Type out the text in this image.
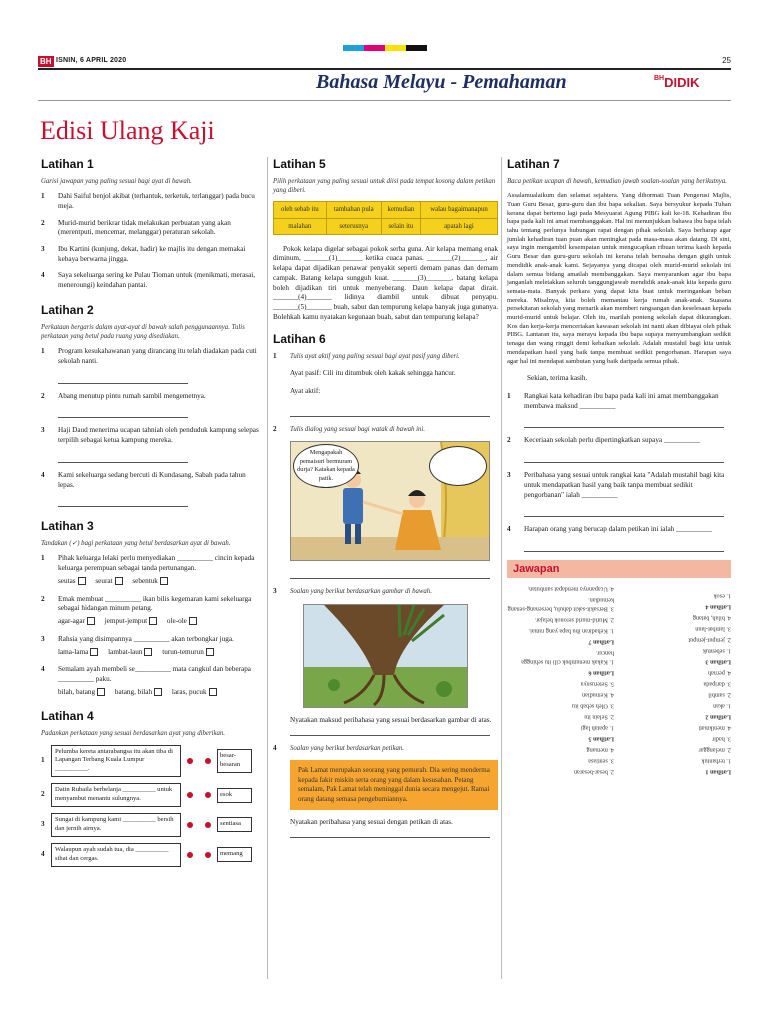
BH ISNIN, 6 APRIL 2020	25
Bahasa Melayu - Pemahaman	$^{BH}$DIDIK
Edisi Ulang Kaji
Latihan 1
Garisi jawapan yang paling sesuai bagi ayat di bawah.
1	Dahi Saiful benjol akibat (terhantuk, terketuk, terlanggar) pada bucu meja.
2	Murid-murid berikrar tidak melakukan perbuatan yang akan (merentputi, mencemar, melanggar) peraturan sekolah.
3	Ibu Kartini (kunjung, dekat, hadir) ke majlis itu dengan memakai kebaya berwarna jingga.
4	Saya sekeluarga sering ke Pulau Tioman untuk (menikmati, merasai, meneroungi) keindahan pantai.
Latihan 2
Perkataan bergaris dalam ayat-ayat di bawah salah penggunaannya. Tulis perkataan yang betul pada ruang yang disediakan.
1	Program kesukahawanan yang dirancang itu telah diadakan pada cuti sekolah nanti.
2	Abang menutup pintu rumah sambil mengemetnya.
3	Haji Daud menerima ucapan tahniah oleh penduduk kampung selepas terpilih sebagai ketua kampung mereka.
4	Kami sekeluarga sedang bercuti di Kundasang, Sabah pada tahun lepas.
Latihan 3
Tandakan (✓) bagi perkataan yang betul berdasarkan ayat di bawah.
1	Pihak keluarga lelaki perlu menyediakan __________ cincin kepada keluarga perempuan sebagai tanda pertunangan.
seutas	seurat	sebentuk
2	Emak membuat __________ ikan bilis kegemaran kami sekeluarga sebagai hidangan minum petang.
agar-agar	jemput-jemput	ole-ole
3	Rahsia yang disimpannya __________ akan terbongkar juga.
lama-lama	lambat-laun	turun-temurun
4	Semalam ayah membeli se__________ mata cangkul dan beberapa __________ paku.
bilah, batang	batang, bilah	laras, pucuk
Latihan 4
Padankan perkataan yang sesuai berdasarkan ayat yang diberikan.
1
Pelumba kereta antarabangsa itu akan tiba di Lapangan Terbang Kuala Lumpur __________.
besar-besaran
2
Datin Rubaila berbelanja __________ untuk menyambut menantu sulungnya.
esok
3
Sungai di kampung kami __________ bersih dan jernih airnya.
sentiasa
4
Walaupun ayah sudah tua, dia __________ sihat dan cergas.
memang
Latihan 5
Pilih perkataan yang paling sesuai untuk diisi pada tempat kosong dalam petikan yang diberi.
oleh sebab itu	tambahan pula	kemudian	walau bagaimanapun
malahan	seterusnya	selain itu	apatah lagi
Pokok kelapa digelar sebagai pokok serba guna. Air kelapa memang enak diminum, _______(1)_______ ketika cuaca panas. _______(2)_______, air kelapa dapat dijadikan penawar penyakit seperti demam panas dan demam campak. Batang kelapa sungguh kuat. _______(3)_______, batang kelapa boleh dijadikan tiri untuk menyeberang. Daun kelapa dapat dirait. _______(4)_______ lidinya diambil untuk dibuat penyapu. _______(5)_______ buah, sabut dan tempurung kelapa banyak juga gunanya. Bolehkah kamu nyatakan kegunaan buah, sabut dan tempurung kelapa?
Latihan 6
1	Tulis ayat aktif yang paling sesuai bagi ayat pasif yang diberi.
Ayat pasif: Cili itu ditumbuk oleh kakak sehingga hancur.
Ayat aktif:
2	Tulis dialog yang sesuai bagi watak di bawah ini.
Mengapakah pemaisuri bermuram durja? Katakan kepada patik.
3	Soalan yang berikut berdasarkan gambar di bawah.
Nyatakan maksud peribahasa yang sesuai berdasarkan gambar di atas.
4	Soalan yang berikut berdasarkan petikan.
Pak Lamat merupakan seorang yang pemurah. Dia sering menderma kepada fakir miskin serta orang yang dalam kesusahan. Petang semalam, Pak Lamat telah meninggal dunia secara mengejut. Ramai orang datang semasa pengebumiannya.
Nyatakan peribahasa yang sesuai dengan petikan di atas.
Latihan 7
Baca petikan ucapan di bawah, kemudian jawab soalan-soalan yang berikutnya.
Assalamualaikum dan selamat sejahtera. Yang dihormati Tuan Pengerusi Majlis, Tuan Guru Besar, guru-guru dan ibu bapa sekalian. Saya bersyukur kepada Tuhan kerana dapat bertemu lagi pada Mesyuarat Agung PIBG kali ke-18. Kehadiran ibu bapa pada kali ini amat membanggakan. Hal ini menunjukkan bahawa ibu bapa telah tahu tentang perlunya hubungan rapat dengan pihak sekolah. Saya berharap agar jumlah kehadiran tuan puan akan meningkat pada masa-masa akan datang. Di sini, saya ingin mengambil kesempatan untuk mengucapkan ribuan terima kasih kepada Guru Besar dan guru-guru sekolah ini kerana telah berusaha dengan gigih untuk mendidik anak-anak kami. Sejayanya yang dicapai oleh murid-murid sekolah ini dalam semua bidang amatlah membanggakan. Saya menyarankan agar ibu bapa janganlah meletakkan seluruh tanggungjawab mendidik anak-anak kita kepada guru semata-mata. Banyak perkara yang dapat kita buat untuk meringankan beban mereka. Misalnya, kita boleh memantau kerja rumah anak-anak. Suasana persekitaran sekolah yang menarik akan memberi rangsangan dan keselesaan kepada murid-murid untuk belajar. Oleh itu, marilah ponteng sekolah dapat dikurangkan. Kos dan kerja-kerja menceriakan kawasan sekolah ini nanti akan dibiayai oleh pihak PIBG. Lantaran itu, saya merayu kepada ibu bapa supaya menyumbangkan sedikit tenaga dan wang ringgit demi kebaikan sekolah. Adalah mustahil bagi kita untuk mendapatkan hasil yang baik tanpa membuat sedikit pengorbanan. Harapan saya agar hal ini mendapat sambutan yang baik daripada semua pihak.
Sekian, terima kasih.
1	Rangkai kata kehadiran ibu bapa pada kali ini amat membanggakan membawa maksud __________
2	Keceriaan sekolah perlu dipertingkatkan supaya __________
3	Peribahasa yang sesuai untuk rangkai kata "Adalah mustahil bagi kita untuk mendapatkan hasil yang baik tanpa membuat sedikit pengorbanan" ialah __________
4	Harapan orang yang berucap dalam petikan ini ialah __________
Jawapan

Latihan 1

1. terhantuk

2. melanggar

3. hadir

4. menikmati

Latihan 2

1. akan

2. sambil

3. daripada

4. pernah

Latihan 3

1. sebentuk

2. jemput-jemput

3. lambat-laun

4. bilah, batang

Latihan 4

1. esok

2. besar-besaran

3. sentiasa

4. memang

Latihan 5

1. apatah lagi

2. Selain itu

3. Oleh sebab itu

4. Kemudian

5. Seterusnya

Latihan 6

1. Kakak menumbuk cili itu sehingga hancur.

Latihan 7

1. Kehadiran ibu bapa yang ramai.

2. Murid-murid seronok belajar.

3. Bersakit-sakit dahulu, bersenang-senang kemudian.

4. Ucapannya mendapat sambutan.
